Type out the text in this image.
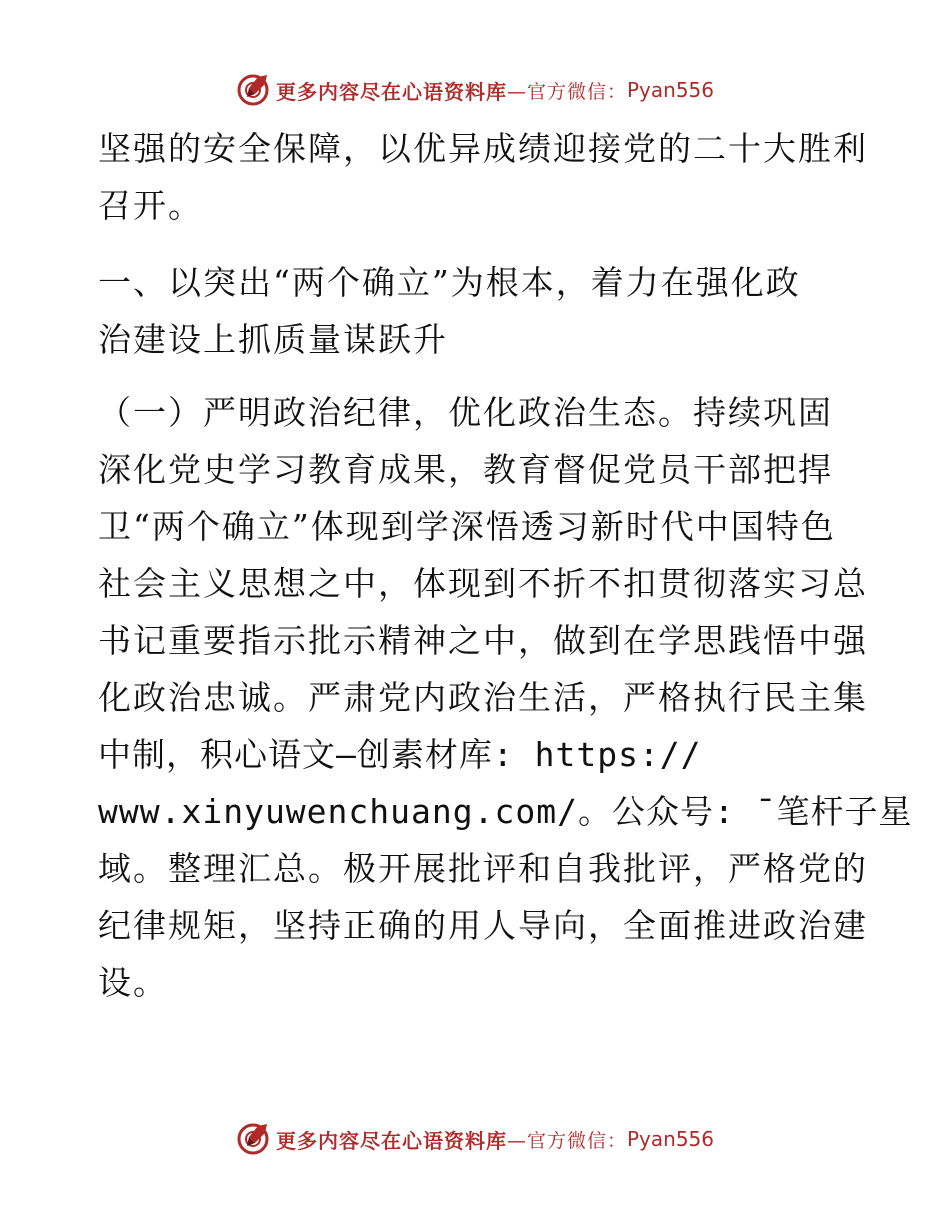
更多内容尽在心语资料库 —官方微信： Pyan556
坚强的安全保障，以优异成绩迎接党的二十大胜利
召开。
一、以突出“两个确立”为根本，着力在强化政
治建设上抓质量谋跃升
（一）严明政治纪律，优化政治生态。持续巩固
深化党史学习教育成果，教育督促党员干部把捍
卫“两个确立”体现到学深悟透习新时代中国特色
社会主义思想之中，体现到不折不扣贯彻落实习总
书记重要指示批示精神之中，做到在学思践悟中强
化政治忠诚。严肃党内政治生活，严格执行民主集
中制，积心语文—创素材库: https://
www.xinyuwenchuang.com/。公众号: ¯笔杆子星
域。整理汇总。极开展批评和自我批评，严格党的
纪律规矩，坚持正确的用人导向，全面推进政治建
设。
更多内容尽在心语资料库 —官方微信： Pyan556
